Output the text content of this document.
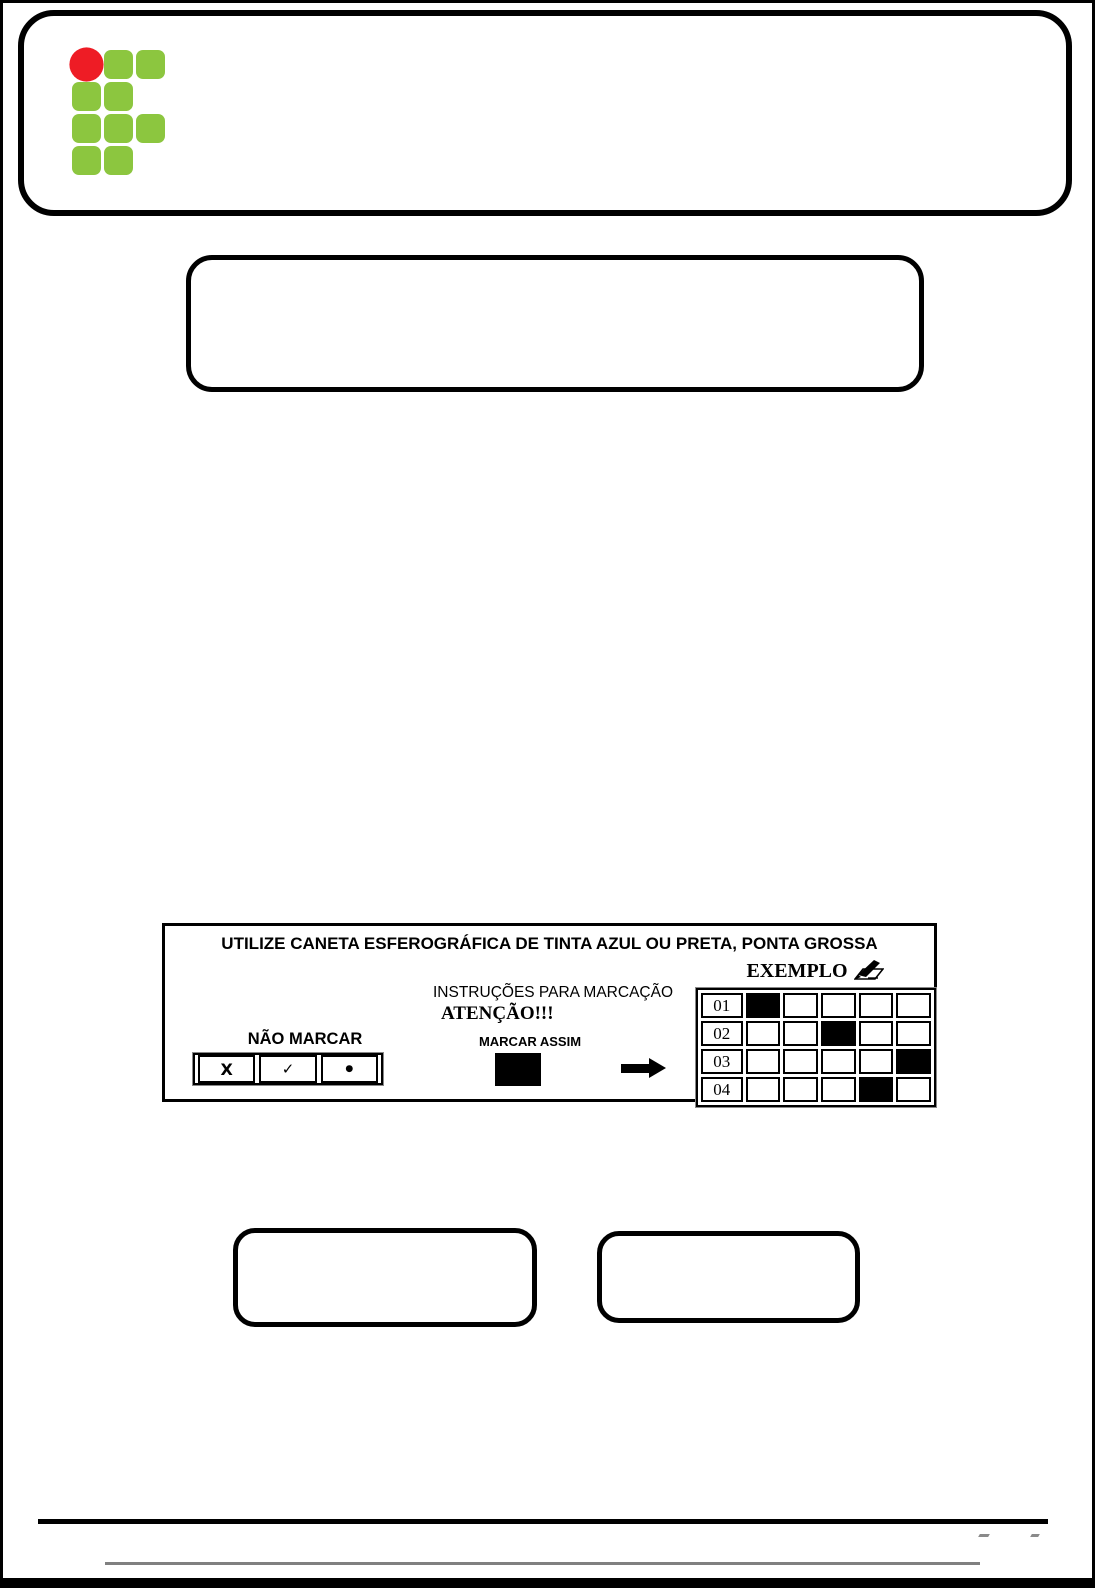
UTILIZE CANETA ESFEROGRÁFICA DE TINTA AZUL OU PRETA, PONTA GROSSA
EXEMPLO
INSTRUÇÕES PARA MARCAÇÃO
ATENÇÃO!!!
NÃO MARCAR
X	✓	●
MARCAR ASSIM
01
02
03
04
